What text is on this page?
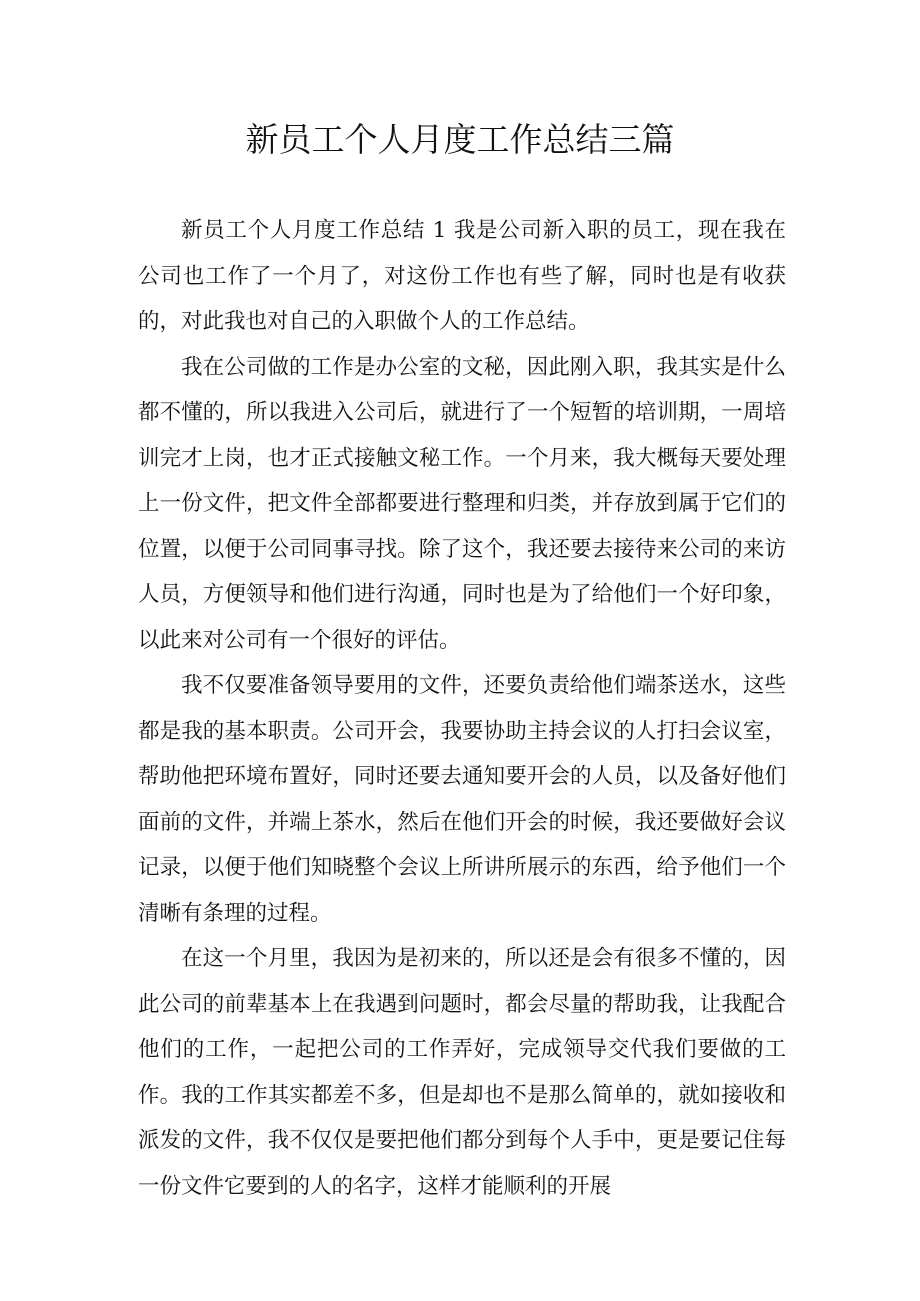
新员工个人月度工作总结三篇

新员工个人月度工作总结 1 我是公司新入职的员工，现在我在公司也工作了一个月了，对这份工作也有些了解，同时也是有收获的，对此我也对自己的入职做个人的工作总结。

我在公司做的工作是办公室的文秘，因此刚入职，我其实是什么都不懂的，所以我进入公司后，就进行了一个短暂的培训期，一周培训完才上岗，也才正式接触文秘工作。一个月来，我大概每天要处理上一份文件，把文件全部都要进行整理和归类，并存放到属于它们的位置，以便于公司同事寻找。除了这个，我还要去接待来公司的来访人员，方便领导和他们进行沟通，同时也是为了给他们一个好印象，以此来对公司有一个很好的评估。

我不仅要准备领导要用的文件，还要负责给他们端茶送水，这些都是我的基本职责。公司开会，我要协助主持会议的人打扫会议室，帮助他把环境布置好，同时还要去通知要开会的人员，以及备好他们面前的文件，并端上茶水，然后在他们开会的时候，我还要做好会议记录，以便于他们知晓整个会议上所讲所展示的东西，给予他们一个清晰有条理的过程。

在这一个月里，我因为是初来的，所以还是会有很多不懂的，因此公司的前辈基本上在我遇到问题时，都会尽量的帮助我，让我配合他们的工作，一起把公司的工作弄好，完成领导交代我们要做的工作。我的工作其实都差不多，但是却也不是那么简单的，就如接收和派发的文件，我不仅仅是要把他们都分到每个人手中，更是要记住每一份文件它要到的人的名字，这样才能顺利的开展
